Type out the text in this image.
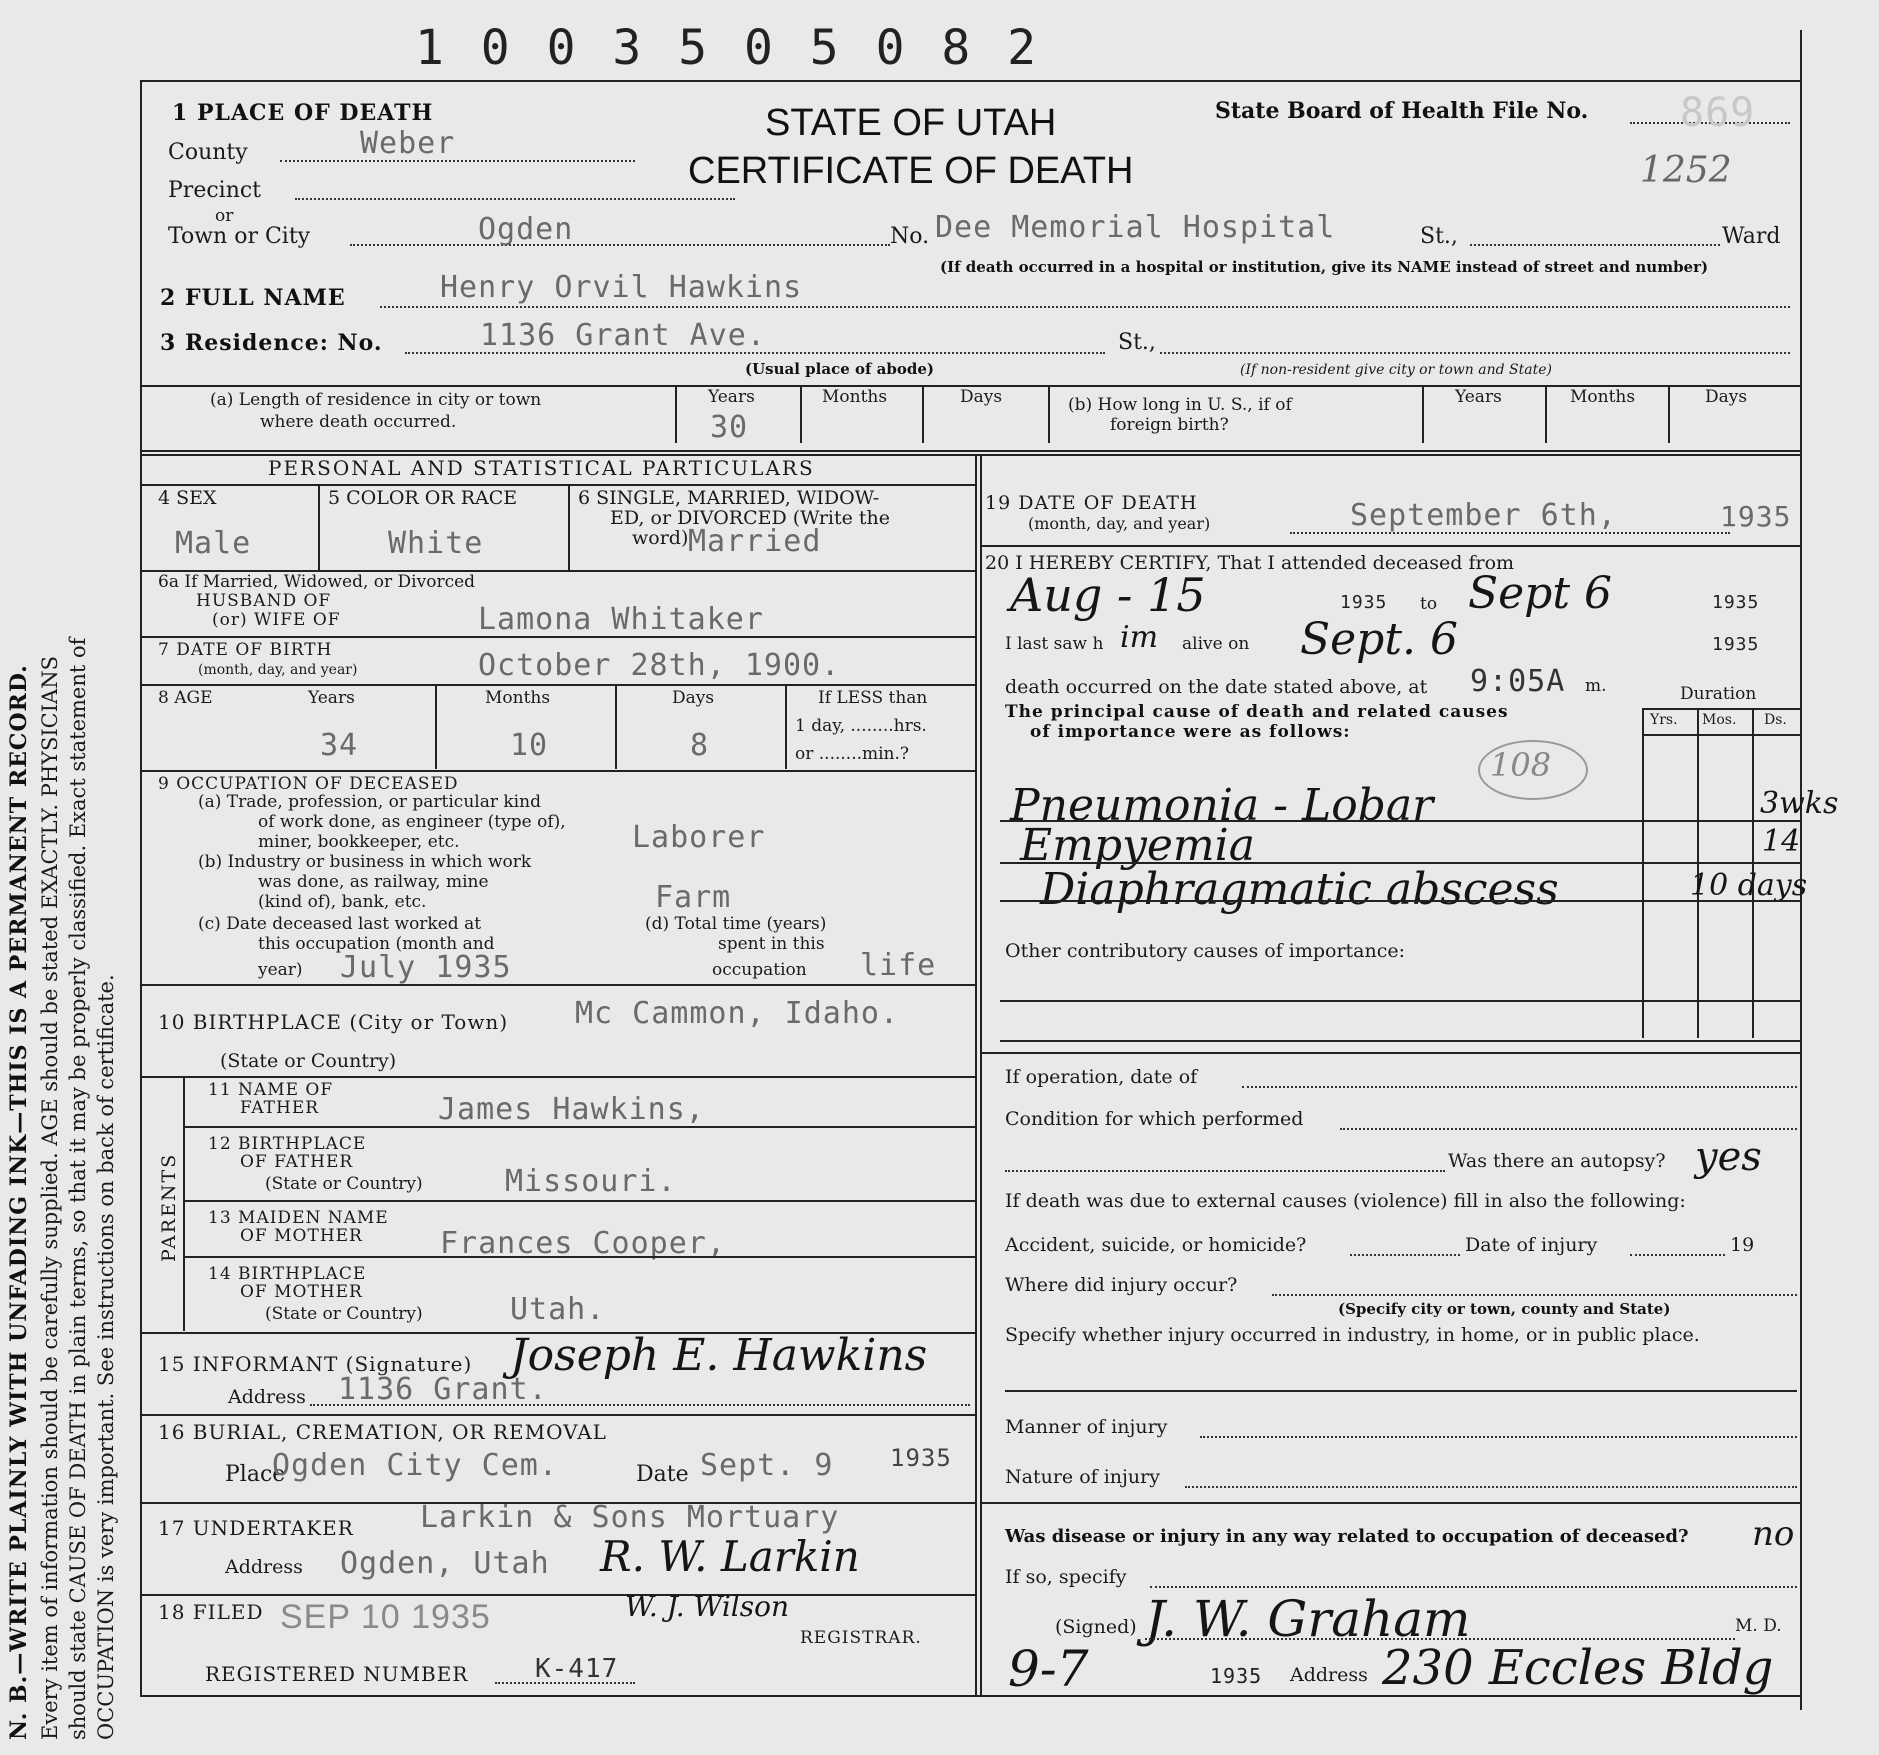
1 0 0 3 5 0 5 0 8 2
N. B.—WRITE PLAINLY WITH UNFADING INK—THIS IS A PERMANENT RECORD. Every item of information should be carefully supplied. AGE should be stated EXACTLY. PHYSICIANS should state CAUSE OF DEATH in plain terms, so that it may be properly classified. Exact statement of OCCUPATION is very important. See instructions on back of certificate.
STATE OF UTAH
CERTIFICATE OF DEATH
State Board of Health File No. 869
1252
1 PLACE OF DEATH
County	Weber
Precinct
or
Town or City	Ogden	No. Dee Memorial Hospital	St.,	Ward
(If death occurred in a hospital or institution, give its NAME instead of street and number)
2 FULL NAME	Henry Orvil Hawkins
3 Residence: No.	1136 Grant Ave.	St.,
(Usual place of abode)	(If non-resident give city or town and State)
(a) Length of residence in city or town
where death occurred.
Years	Months	Days
30
(b) How long in U. S., if of
foreign birth?
Years	Months	Days
PERSONAL AND STATISTICAL PARTICULARS
4 SEX	5 COLOR OR RACE	6 SINGLE, MARRIED, WIDOW-
ED, or DIVORCED (Write the
word)
Male	White	Married
6a If Married, Widowed, or Divorced
HUSBAND OF
(or) WIFE OF	Lamona Whitaker
7 DATE OF BIRTH
(month, day, and year)	October 28th, 1900.
8 AGE	Years	Months	Days	If LESS than
1 day, ........hrs.
or ........min.?
34	10	8
9 OCCUPATION OF DECEASED
(a) Trade, profession, or particular kind
of work done, as engineer (type of),
miner, bookkeeper, etc.	Laborer
(b) Industry or business in which work
was done, as railway, mine
(kind of), bank, etc.	Farm
(c) Date deceased last worked at
this occupation (month and
year) July 1935
(d) Total time (years)
spent in this
occupation life
10 BIRTHPLACE (City or Town) Mc Cammon, Idaho.
(State or Country)
PARENTS
11 NAME OF
FATHER	James Hawkins,
12 BIRTHPLACE
OF FATHER
(State or Country)	Missouri.
13 MAIDEN NAME
OF MOTHER	Frances Cooper,
14 BIRTHPLACE
OF MOTHER
(State or Country)	Utah.
15 INFORMANT (Signature) Joseph E. Hawkins
Address 1136 Grant.
16 BURIAL, CREMATION, OR REMOVAL
Place
Ogden City Cem.	Date Sept. 9 1935
17 UNDERTAKER Larkin & Sons Mortuary
Address Ogden, Utah R. W. Larkin
18 FILED SEP 10 1935	W. J. Wilson
REGISTRAR.
REGISTERED NUMBER	K-417
19 DATE OF DEATH
(month, day, and year)	September 6th,	1935
20 I HEREBY CERTIFY, That I attended deceased from
Aug - 15	1935 to Sept 6	1935
I last saw h im alive on Sept. 6	1935
death occurred on the date stated above, at 9:05A m.	Duration
The principal cause of death and related causes
of importance were as follows:
Yrs. Mos. Ds.
108
Pneumonia - Lobar	3wks
Empyemia	14
Diaphragmatic abscess	10 days
Other contributory causes of importance:
If operation, date of
Condition for which performed
Was there an autopsy? yes
If death was due to external causes (violence) fill in also the following:
Accident, suicide, or homicide?	Date of injury	19
Where did injury occur?
(Specify city or town, county and State)
Specify whether injury occurred in industry, in home, or in public place.
Manner of injury
Nature of injury
Was disease or injury in any way related to occupation of deceased? no
If so, specify
(Signed) J. W. Graham	M. D.
9-7	1935 Address 230 Eccles Bldg
